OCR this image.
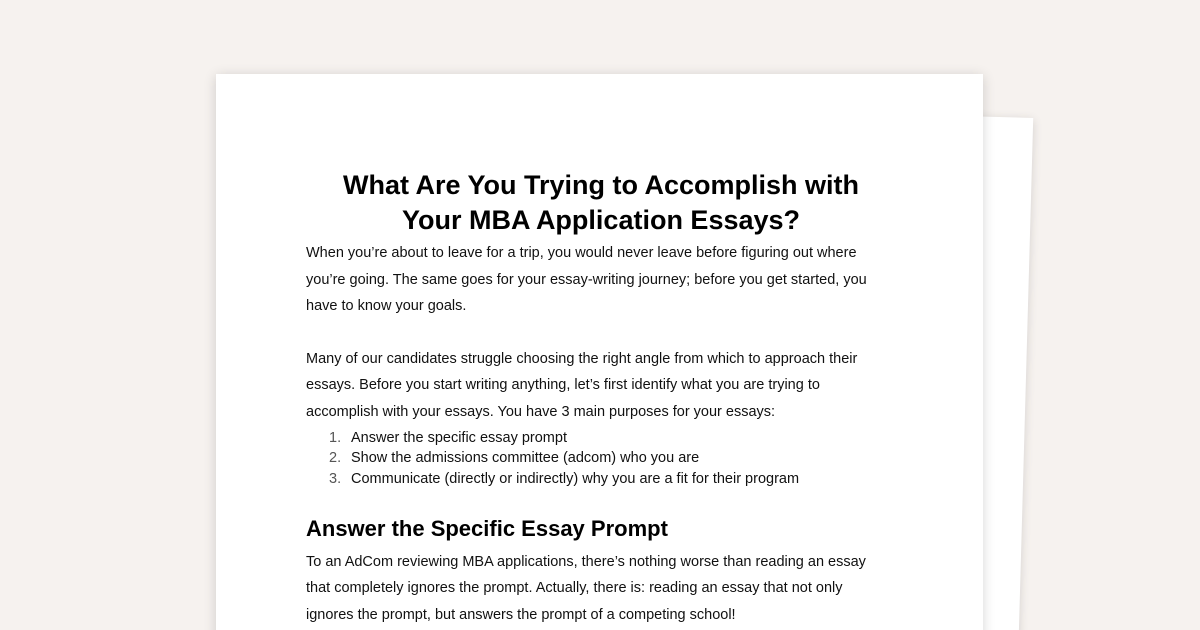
What Are You Trying to Accomplish with
Your MBA Application Essays?

When you’re about to leave for a trip, you would never leave before figuring out where
you’re going. The same goes for your essay-writing journey; before you get started, you
have to know your goals.

Many of our candidates struggle choosing the right angle from which to approach their
essays. Before you start writing anything, let’s first identify what you are trying to
accomplish with your essays. You have 3 main purposes for your essays:

1. Answer the specific essay prompt
2. Show the admissions committee (adcom) who you are
3. Communicate (directly or indirectly) why you are a fit for their program
Answer the Specific Essay Prompt

To an AdCom reviewing MBA applications, there’s nothing worse than reading an essay
that completely ignores the prompt. Actually, there is: reading an essay that not only
ignores the prompt, but answers the prompt of a competing school!
